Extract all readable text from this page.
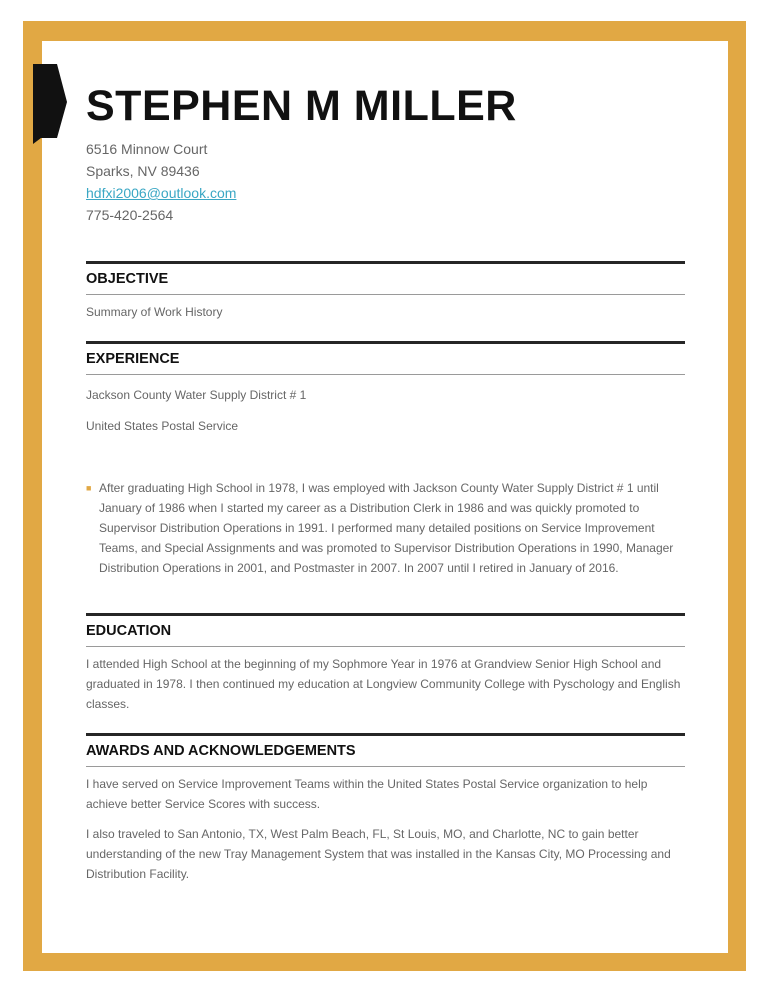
STEPHEN M MILLER
6516 Minnow Court
Sparks, NV 89436
hdfxi2006@outlook.com
775-420-2564
OBJECTIVE
Summary of Work History
EXPERIENCE
Jackson County Water Supply District # 1
United States Postal Service
■ After graduating High School in 1978, I was employed with Jackson County Water Supply District # 1 until January of 1986 when I started my career as a Distribution Clerk in 1986 and was quickly promoted to Supervisor Distribution Operations in 1991. I performed many detailed positions on Service Improvement Teams, and Special Assignments and was promoted to Supervisor Distribution Operations in 1990, Manager Distribution Operations in 2001, and Postmaster in 2007. In 2007 until I retired in January of 2016.
EDUCATION
I attended High School at the beginning of my Sophmore Year in 1976 at Grandview Senior High School and graduated in 1978. I then continued my education at Longview Community College with Pyschology and English classes.
AWARDS AND ACKNOWLEDGEMENTS
I have served on Service Improvement Teams within the United States Postal Service organization to help achieve better Service Scores with success.
I also traveled to San Antonio, TX, West Palm Beach, FL, St Louis, MO, and Charlotte, NC to gain better understanding of the new Tray Management System that was installed in the Kansas City, MO Processing and Distribution Facility.
